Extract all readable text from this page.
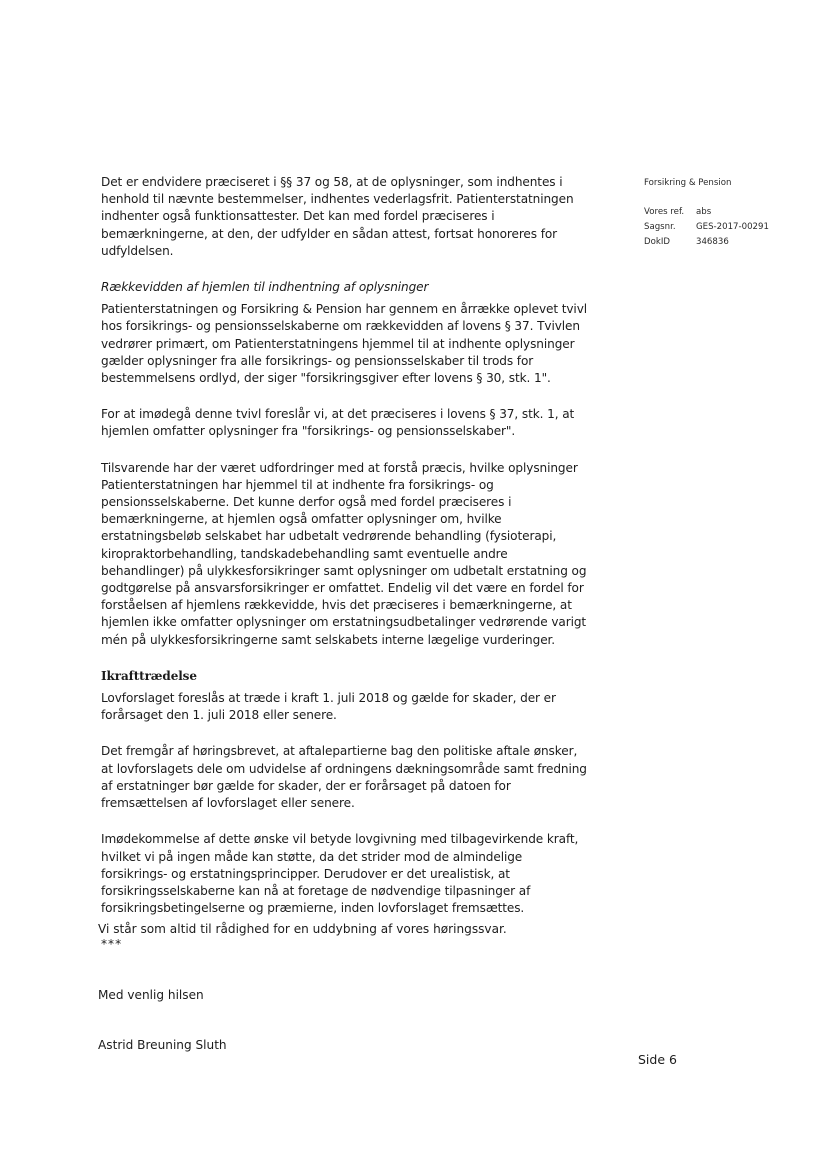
Forsikring & Pension
Vores ref.	abs
Sagsnr.	GES-2017-00291
DokID	346836

Det er endvidere præciseret i §§ 37 og 58, at de oplysninger, som indhentes i henhold til nævnte bestemmelser, indhentes vederlagsfrit. Patienterstatningen indhenter også funktionsattester. Det kan med fordel præciseres i bemærkningerne, at den, der udfylder en sådan attest, fortsat honoreres for udfyldelsen.

Rækkevidden af hjemlen til indhentning af oplysninger

Patienterstatningen og Forsikring & Pension har gennem en årrække oplevet tvivl hos forsikrings- og pensionsselskaberne om rækkevidden af lovens § 37. Tvivlen vedrører primært, om Patienterstatningens hjemmel til at indhente oplysninger gælder oplysninger fra alle forsikrings- og pensionsselskaber til trods for bestemmelsens ordlyd, der siger "forsikringsgiver efter lovens § 30, stk. 1".

For at imødegå denne tvivl foreslår vi, at det præciseres i lovens § 37, stk. 1, at hjemlen omfatter oplysninger fra "forsikrings- og pensionsselskaber".

Tilsvarende har der været udfordringer med at forstå præcis, hvilke oplysninger Patienterstatningen har hjemmel til at indhente fra forsikrings- og pensionsselskaberne. Det kunne derfor også med fordel præciseres i bemærkningerne, at hjemlen også omfatter oplysninger om, hvilke erstatningsbeløb selskabet har udbetalt vedrørende behandling (fysioterapi, kiropraktorbehandling, tandskadebehandling samt eventuelle andre behandlinger) på ulykkesforsikringer samt oplysninger om udbetalt erstatning og godtgørelse på ansvarsforsikringer er omfattet. Endelig vil det være en fordel for forståelsen af hjemlens rækkevidde, hvis det præciseres i bemærkningerne, at hjemlen ikke omfatter oplysninger om erstatningsudbetalinger vedrørende varigt mén på ulykkesforsikringerne samt selskabets interne lægelige vurderinger.

Ikrafttrædelse

Lovforslaget foreslås at træde i kraft 1. juli 2018 og gælde for skader, der er forårsaget den 1. juli 2018 eller senere.

Det fremgår af høringsbrevet, at aftalepartierne bag den politiske aftale ønsker, at lovforslagets dele om udvidelse af ordningens dækningsområde samt fredning af erstatninger bør gælde for skader, der er forårsaget på datoen for fremsættelsen af lovforslaget eller senere.

Imødekommelse af dette ønske vil betyde lovgivning med tilbagevirkende kraft, hvilket vi på ingen måde kan støtte, da det strider mod de almindelige forsikrings- og erstatningsprincipper. Derudover er det urealistisk, at forsikringsselskaberne kan nå at foretage de nødvendige tilpasninger af forsikringsbetingelserne og præmierne, inden lovforslaget fremsættes.

***

Vi står som altid til rådighed for en uddybning af vores høringssvar.
Med venlig hilsen
Astrid Breuning Sluth
Side 6
